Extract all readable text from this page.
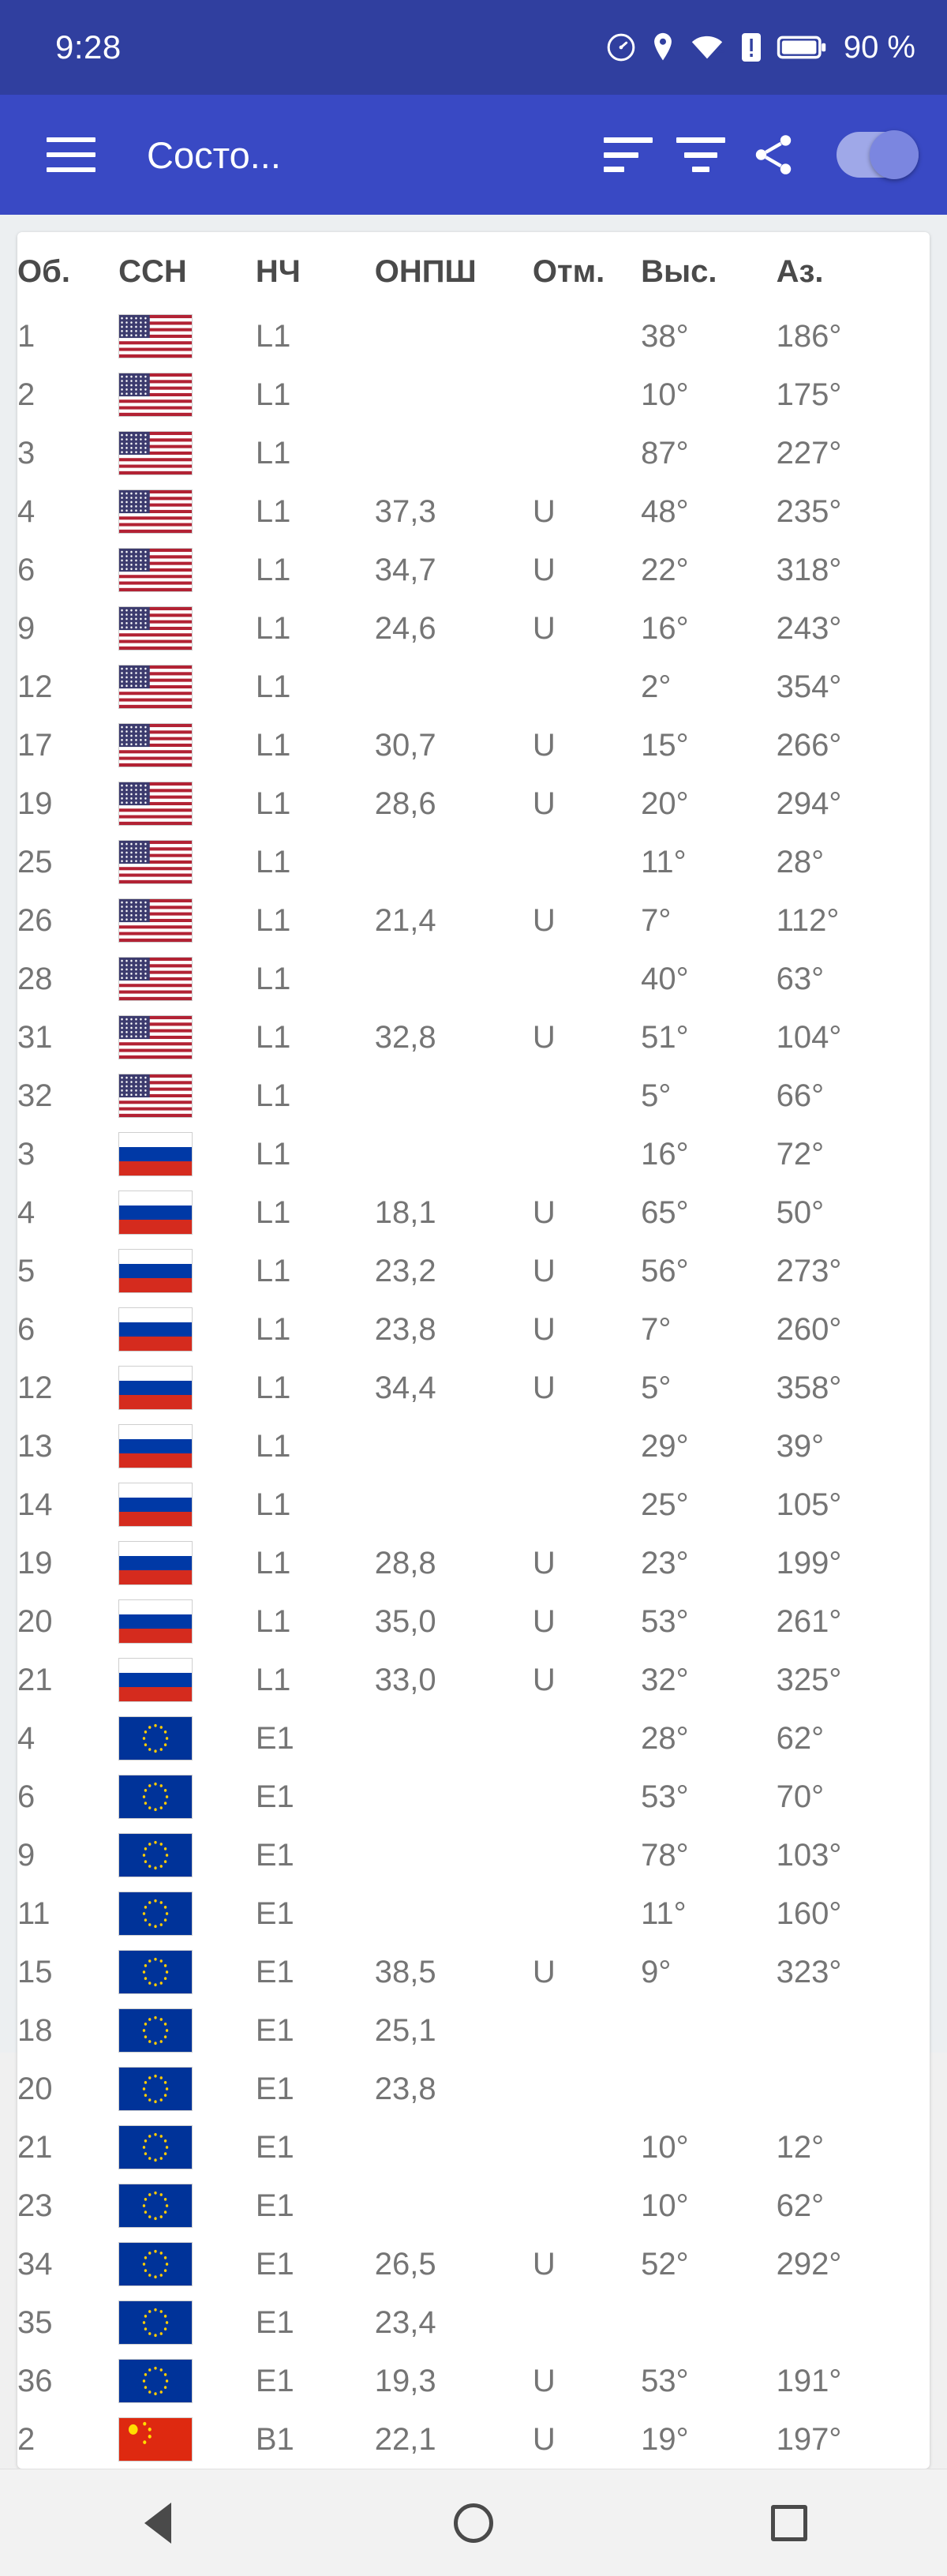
9:28	90 %
Состо...
Об.	ССН	НЧ	ОНПШ	Отм.	Выс.	Аз.
1		L1			38°	186°
2		L1			10°	175°
3		L1			87°	227°
4		L1	37,3	U	48°	235°
6		L1	34,7	U	22°	318°
9		L1	24,6	U	16°	243°
12		L1			2°	354°
17		L1	30,7	U	15°	266°
19		L1	28,6	U	20°	294°
25		L1			11°	28°
26		L1	21,4	U	7°	112°
28		L1			40°	63°
31		L1	32,8	U	51°	104°
32		L1			5°	66°
3		L1			16°	72°
4		L1	18,1	U	65°	50°
5		L1	23,2	U	56°	273°
6		L1	23,8	U	7°	260°
12		L1	34,4	U	5°	358°
13		L1			29°	39°
14		L1			25°	105°
19		L1	28,8	U	23°	199°
20		L1	35,0	U	53°	261°
21		L1	33,0	U	32°	325°
4		E1			28°	62°
6		E1			53°	70°
9		E1			78°	103°
11		E1			11°	160°
15		E1	38,5	U	9°	323°
18		E1	25,1			
20		E1	23,8			
21		E1			10°	12°
23		E1			10°	62°
34		E1	26,5	U	52°	292°
35		E1	23,4			
36		E1	19,3	U	53°	191°
2		B1	22,1	U	19°	197°
